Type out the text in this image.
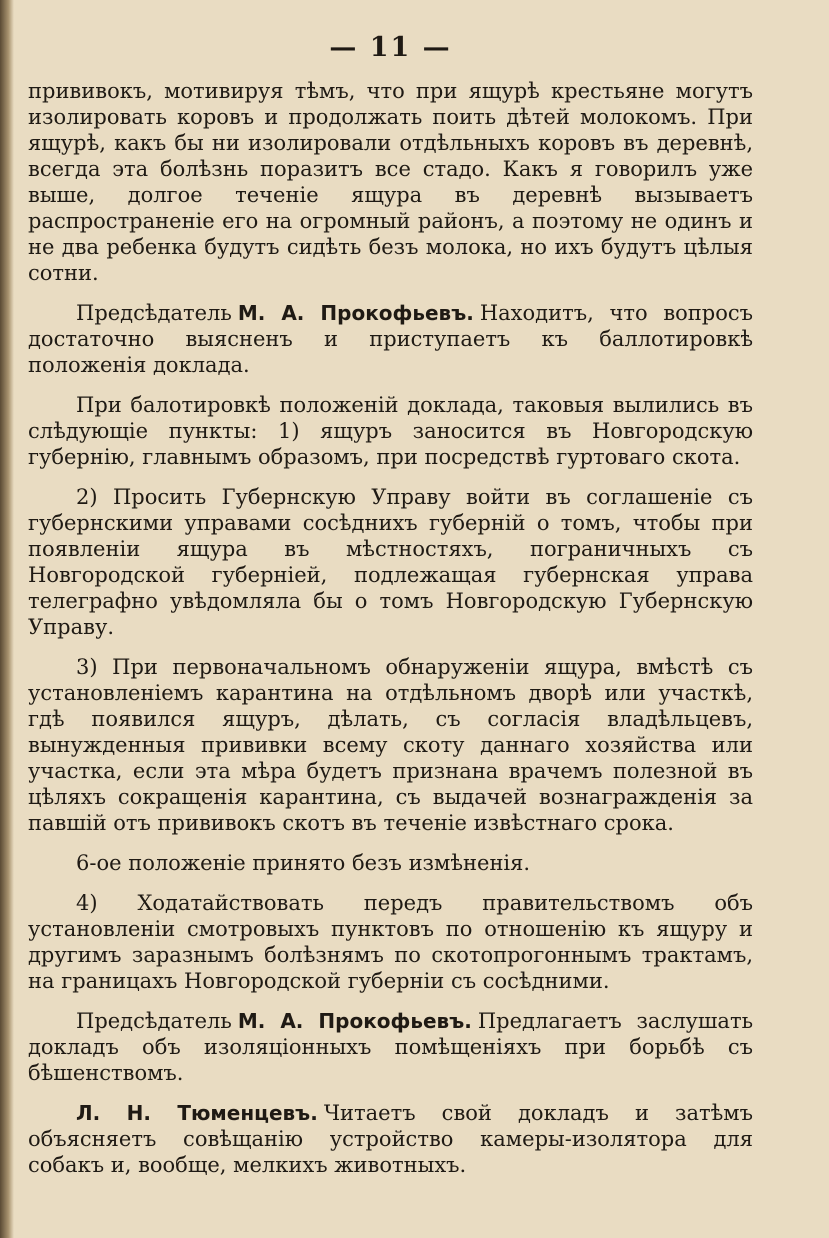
— 11 —

прививокъ, мотивируя тѣмъ, что при ящурѣ крестьяне могутъ изолировать коровъ и продолжать поить дѣтей молокомъ. При ящурѣ, какъ бы ни изолировали отдѣльныхъ коровъ въ деревнѣ, всегда эта болѣзнь поразитъ все стадо. Какъ я говорилъ уже выше, долгое теченіе ящура въ деревнѣ вызываетъ распространеніе его на огромный районъ, а поэтому не одинъ и не два ребенка будутъ сидѣть безъ молока, но ихъ будутъ цѣлыя сотни.

Предсѣдатель М. А. Прокофьевъ. Находитъ, что вопросъ достаточно выясненъ и приступаетъ къ баллотировкѣ положенія доклада.

При балотировкѣ положеній доклада, таковыя вылились въ слѣдующіе пункты: 1) ящуръ заносится въ Новгородскую губернію, главнымъ образомъ, при посредствѣ гуртоваго скота.

2) Просить Губернскую Управу войти въ соглашеніе съ губернскими управами сосѣднихъ губерній о томъ, чтобы при появленіи ящура въ мѣстностяхъ, пограничныхъ съ Новгородской губерніей, подлежащая губернская управа телеграфно увѣдомляла бы о томъ Новгородскую Губернскую Управу.

3) При первоначальномъ обнаруженіи ящура, вмѣстѣ съ установленіемъ карантина на отдѣльномъ дворѣ или участкѣ, гдѣ появился ящуръ, дѣлать, съ согласія владѣльцевъ, вынужденныя прививки всему скоту даннаго хозяйства или участка, если эта мѣра будетъ признана врачемъ полезной въ цѣляхъ сокращенія карантина, съ выдачей вознагражденія за павшій отъ прививокъ скотъ въ теченіе извѣстнаго срока.

6-ое положеніе принято безъ измѣненія.

4) Ходатайствовать передъ правительствомъ объ установленіи смотровыхъ пунктовъ по отношенію къ ящуру и другимъ заразнымъ болѣзнямъ по скотопрогоннымъ трактамъ, на границахъ Новгородской губерніи съ сосѣдними.

Предсѣдатель М. А. Прокофьевъ. Предлагаетъ заслушать докладъ объ изоляціонныхъ помѣщеніяхъ при борьбѣ съ бѣшенствомъ.

Л. Н. Тюменцевъ. Читаетъ свой докладъ и затѣмъ объясняетъ совѣщанію устройство камеры-изолятора для собакъ и, вообще, мелкихъ животныхъ.
